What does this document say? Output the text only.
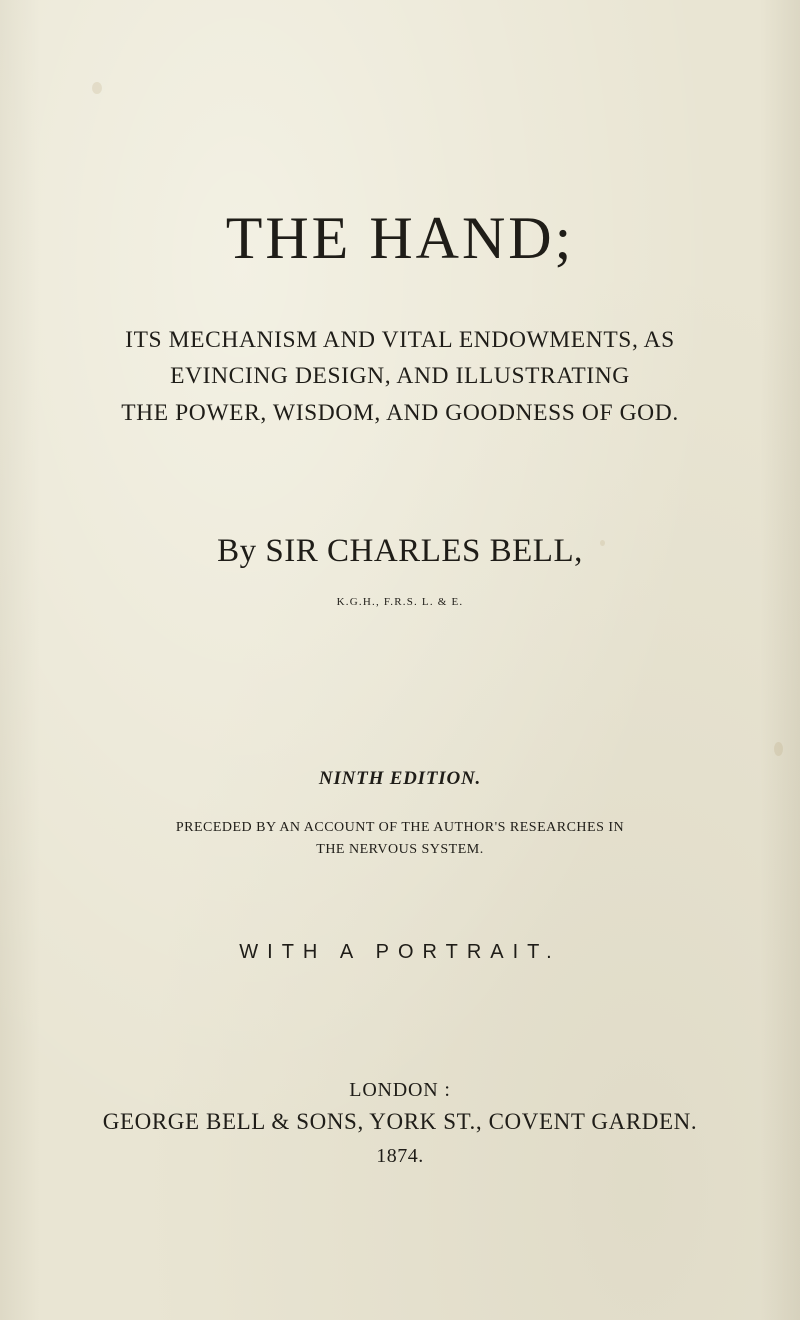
THE HAND;

ITS MECHANISM AND VITAL ENDOWMENTS, AS

EVINCING DESIGN, AND ILLUSTRATING

THE POWER, WISDOM, AND GOODNESS OF GOD.

By SIR CHARLES BELL,

K.G.H., F.R.S. L. & E.

NINTH EDITION.

PRECEDED BY AN ACCOUNT OF THE AUTHOR'S RESEARCHES IN

THE NERVOUS SYSTEM.

WITH A PORTRAIT.

LONDON :

GEORGE BELL & SONS, YORK ST., COVENT GARDEN.

1874.
